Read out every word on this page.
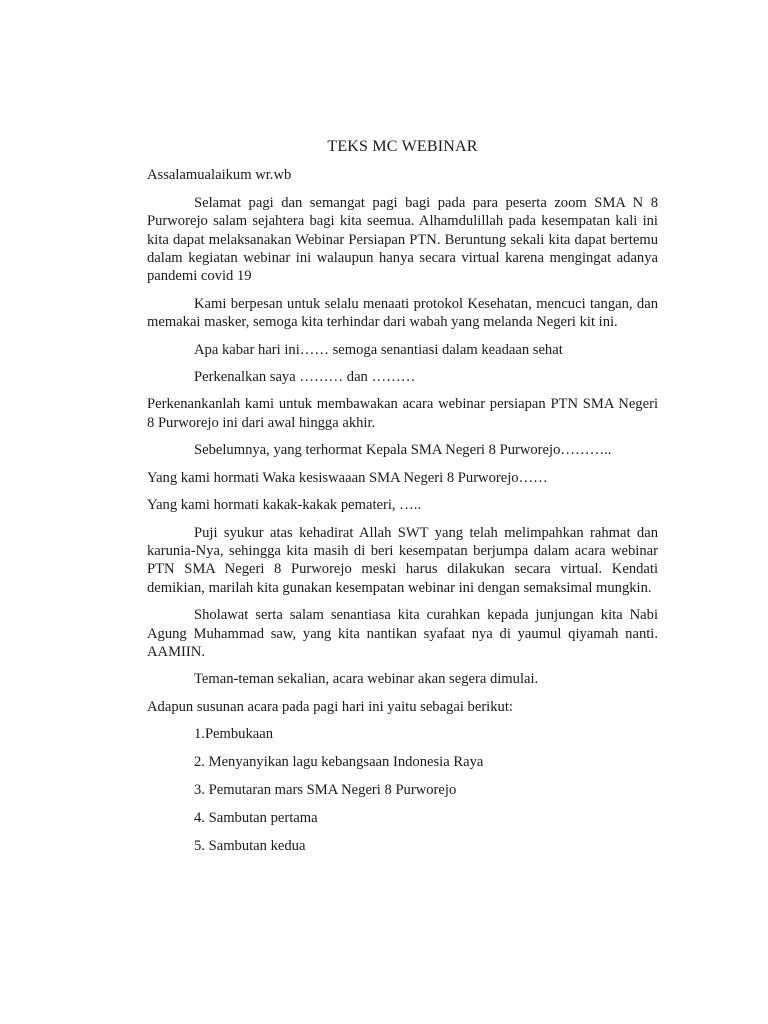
TEKS MC WEBINAR
Assalamualaikum wr.wb
Selamat pagi dan semangat pagi bagi pada para peserta zoom SMA N 8 Purworejo salam sejahtera bagi kita seemua. Alhamdulillah pada kesempatan kali ini kita dapat melaksanakan Webinar Persiapan PTN. Beruntung sekali kita dapat bertemu dalam kegiatan webinar ini walaupun hanya secara virtual karena mengingat adanya pandemi covid 19
Kami berpesan untuk selalu menaati protokol Kesehatan, mencuci tangan, dan memakai masker, semoga kita terhindar dari wabah yang melanda Negeri kit ini.
Apa kabar hari ini…… semoga senantiasi dalam keadaan sehat
Perkenalkan saya ……… dan ………
Perkenankanlah kami untuk membawakan acara webinar persiapan PTN SMA Negeri 8 Purworejo ini dari awal hingga akhir.
Sebelumnya, yang terhormat Kepala SMA Negeri 8 Purworejo………..
Yang kami hormati Waka kesiswaaan SMA Negeri 8 Purworejo……
Yang kami hormati kakak-kakak pemateri, …..
Puji syukur atas kehadirat Allah SWT yang telah melimpahkan rahmat dan karunia-Nya, sehingga kita masih di beri kesempatan berjumpa dalam acara webinar PTN SMA Negeri 8 Purworejo meski harus dilakukan secara virtual. Kendati demikian, marilah kita gunakan kesempatan webinar ini dengan semaksimal mungkin.
Sholawat serta salam senantiasa kita curahkan kepada junjungan kita Nabi Agung Muhammad saw, yang kita nantikan syafaat nya di yaumul qiyamah nanti. AAMIIN.
Teman-teman sekalian, acara webinar akan segera dimulai.
Adapun susunan acara pada pagi hari ini yaitu sebagai berikut:
1.Pembukaan
2. Menyanyikan lagu kebangsaan Indonesia Raya
3. Pemutaran mars SMA Negeri 8 Purworejo
4. Sambutan pertama
5. Sambutan kedua
